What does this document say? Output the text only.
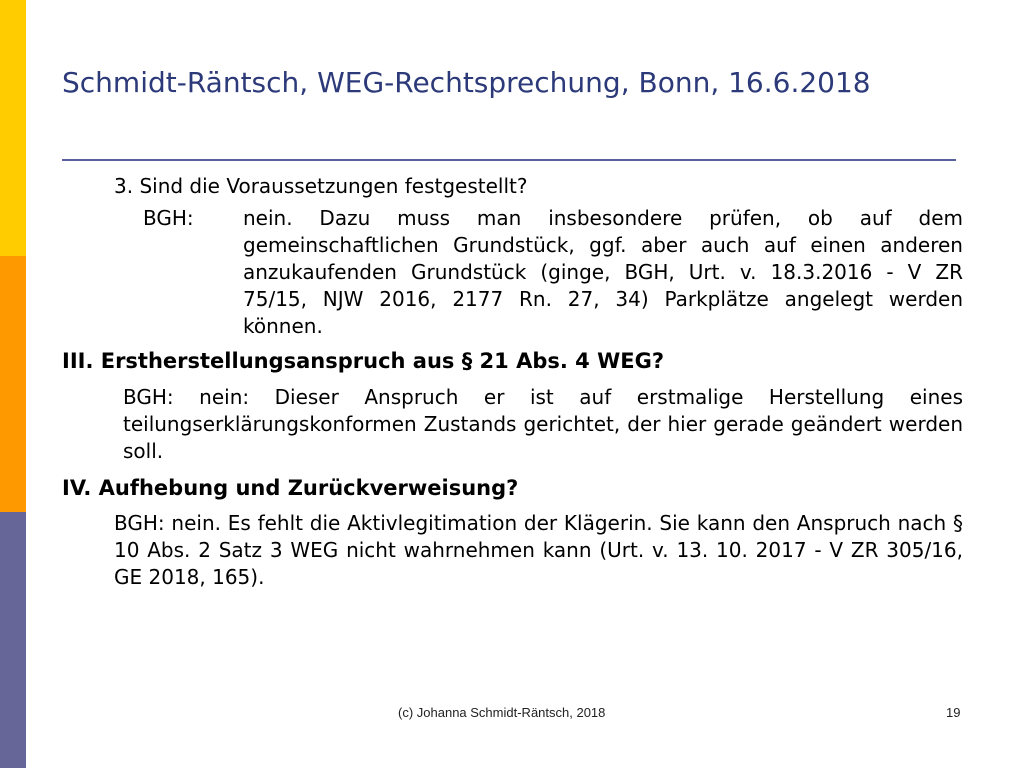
Schmidt-Räntsch, WEG-Rechtsprechung, Bonn, 16.6.2018

3. Sind die Voraussetzungen festgestellt?

BGH: nein. Dazu muss man insbesondere prüfen, ob auf dem gemeinschaftlichen Grundstück, ggf. aber auch auf einen anderen anzukaufenden Grundstück (ginge, BGH, Urt. v. 18.3.2016 - V ZR 75/15, NJW 2016, 2177 Rn. 27, 34) Parkplätze angelegt werden können.

III. Erstherstellungsanspruch aus § 21 Abs. 4 WEG?

BGH: nein: Dieser Anspruch er ist auf erstmalige Herstellung eines teilungserklärungskonformen Zustands gerichtet, der hier gerade geändert werden soll.

IV. Aufhebung und Zurückverweisung?

BGH: nein. Es fehlt die Aktivlegitimation der Klägerin. Sie kann den Anspruch nach § 10 Abs. 2 Satz 3 WEG nicht wahrnehmen kann (Urt. v. 13. 10. 2017 - V ZR 305/16, GE 2018, 165).

(c) Johanna Schmidt-Räntsch, 2018	19
